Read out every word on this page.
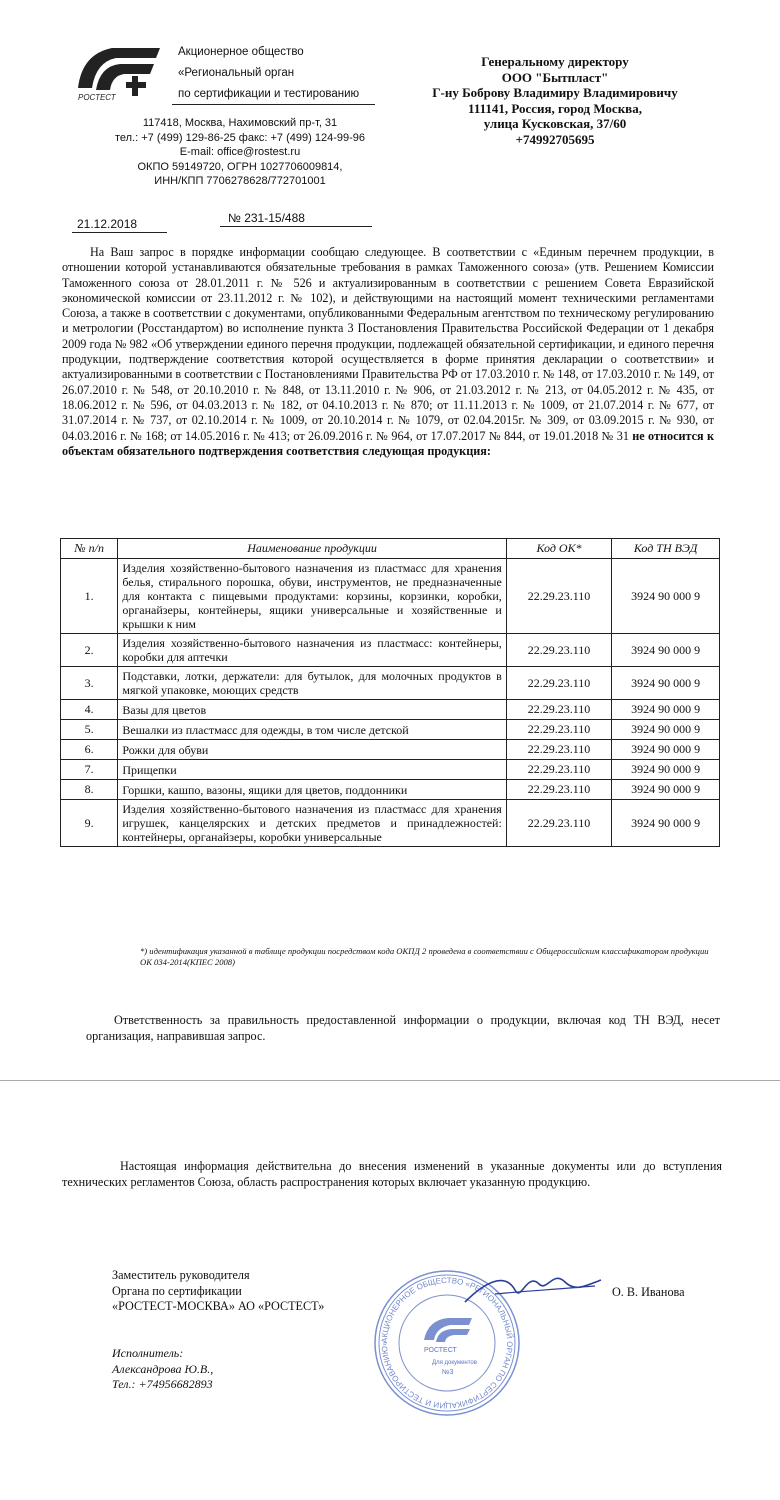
РОСТЕСТ
Акционерное общество
«Региональный орган
по сертификации и тестированию
117418, Москва, Нахимовский пр-т, 31
тел.: +7 (499) 129-86-25 факс: +7 (499) 124-99-96
E-mail: office@rostest.ru
ОКПО 59149720, ОГРН 1027706009814,
ИНН/КПП 7706278628/772701001
Генеральному директору
ООО "Бытпласт"
Г-ну Боброву Владимиру Владимировичу
111141, Россия, город Москва,
улица Кусковская, 37/60
+74992705695
21.12.2018	№ 231-15/488
На Ваш запрос в порядке информации сообщаю следующее. В соответствии с «Единым перечнем продукции, в отношении которой устанавливаются обязательные требования в рамках Таможенного союза» (утв. Решением Комиссии Таможенного союза от 28.01.2011 г. № 526 и актуализированным в соответствии с решением Совета Евразийской экономической комиссии от 23.11.2012 г. № 102), и действующими на настоящий момент техническими регламентами Союза, а также в соответствии с документами, опубликованными Федеральным агентством по техническому регулированию и метрологии (Росстандартом) во исполнение пункта 3 Постановления Правительства Российской Федерации от 1 декабря 2009 года № 982 «Об утверждении единого перечня продукции, подлежащей обязательной сертификации, и единого перечня продукции, подтверждение соответствия которой осуществляется в форме принятия декларации о соответствии» и актуализированными в соответствии с Постановлениями Правительства РФ от 17.03.2010 г. № 148, от 17.03.2010 г. № 149, от 26.07.2010 г. № 548, от 20.10.2010 г. № 848, от 13.11.2010 г. № 906, от 21.03.2012 г. № 213, от 04.05.2012 г. № 435, от 18.06.2012 г. № 596, от 04.03.2013 г. № 182, от 04.10.2013 г. № 870; от 11.11.2013 г. № 1009, от 21.07.2014 г. № 677, от 31.07.2014 г. № 737, от 02.10.2014 г. № 1009, от 20.10.2014 г. № 1079, от 02.04.2015г. № 309, от 03.09.2015 г. № 930, от 04.03.2016 г. № 168; от 14.05.2016 г. № 413; от 26.09.2016 г. № 964, от 17.07.2017 № 844, от 19.01.2018 № 31 не относится к объектам обязательного подтверждения соответствия следующая продукция:
№ п/п	Наименование продукции	Код ОК*	Код ТН ВЭД
1.	Изделия хозяйственно-бытового назначения из пластмасс для хранения белья, стирального порошка, обуви, инструментов, не предназначенные для контакта с пищевыми продуктами: корзины, корзинки, коробки, органайзеры, контейнеры, ящики универсальные и хозяйственные и крышки к ним	22.29.23.110	3924 90 000 9
2.	Изделия хозяйственно-бытового назначения из пластмасс: контейнеры, коробки для аптечки	22.29.23.110	3924 90 000 9
3.	Подставки, лотки, держатели: для бутылок, для молочных продуктов в мягкой упаковке, моющих средств	22.29.23.110	3924 90 000 9
4.	Вазы для цветов	22.29.23.110	3924 90 000 9
5.	Вешалки из пластмасс для одежды, в том числе детской	22.29.23.110	3924 90 000 9
6.	Рожки для обуви	22.29.23.110	3924 90 000 9
7.	Прищепки	22.29.23.110	3924 90 000 9
8.	Горшки, кашпо, вазоны, ящики для цветов, поддонники	22.29.23.110	3924 90 000 9
9.	Изделия хозяйственно-бытового назначения из пластмасс для хранения игрушек, канцелярских и детских предметов и принадлежностей: контейнеры, органайзеры, коробки универсальные	22.29.23.110	3924 90 000 9
*) идентификация указанной в таблице продукции посредством кода ОКПД 2 проведена в соответствии с Общероссийским классификатором продукции ОК 034-2014(КПЕС 2008)
Ответственность за правильность предоставленной информации о продукции, включая код ТН ВЭД, несет организация, направившая запрос.
Настоящая информация действительна до внесения изменений в указанные документы или до вступления технических регламентов Союза, область распространения которых включает указанную продукцию.
Заместитель руководителя
Органа по сертификации
«РОСТЕСТ-МОСКВА» АО «РОСТЕСТ»
АКЦИОНЕРНОЕ ОБЩЕСТВО «РЕГИОНАЛЬНЫЙ ОРГАН ПО СЕРТИФИКАЦИИ И ТЕСТИРОВАНИЮ»
РОСТЕСТ
Для документов
№3
О. В. Иванова
Исполнитель:
Александрова Ю.В.,
Тел.: +74956682893
